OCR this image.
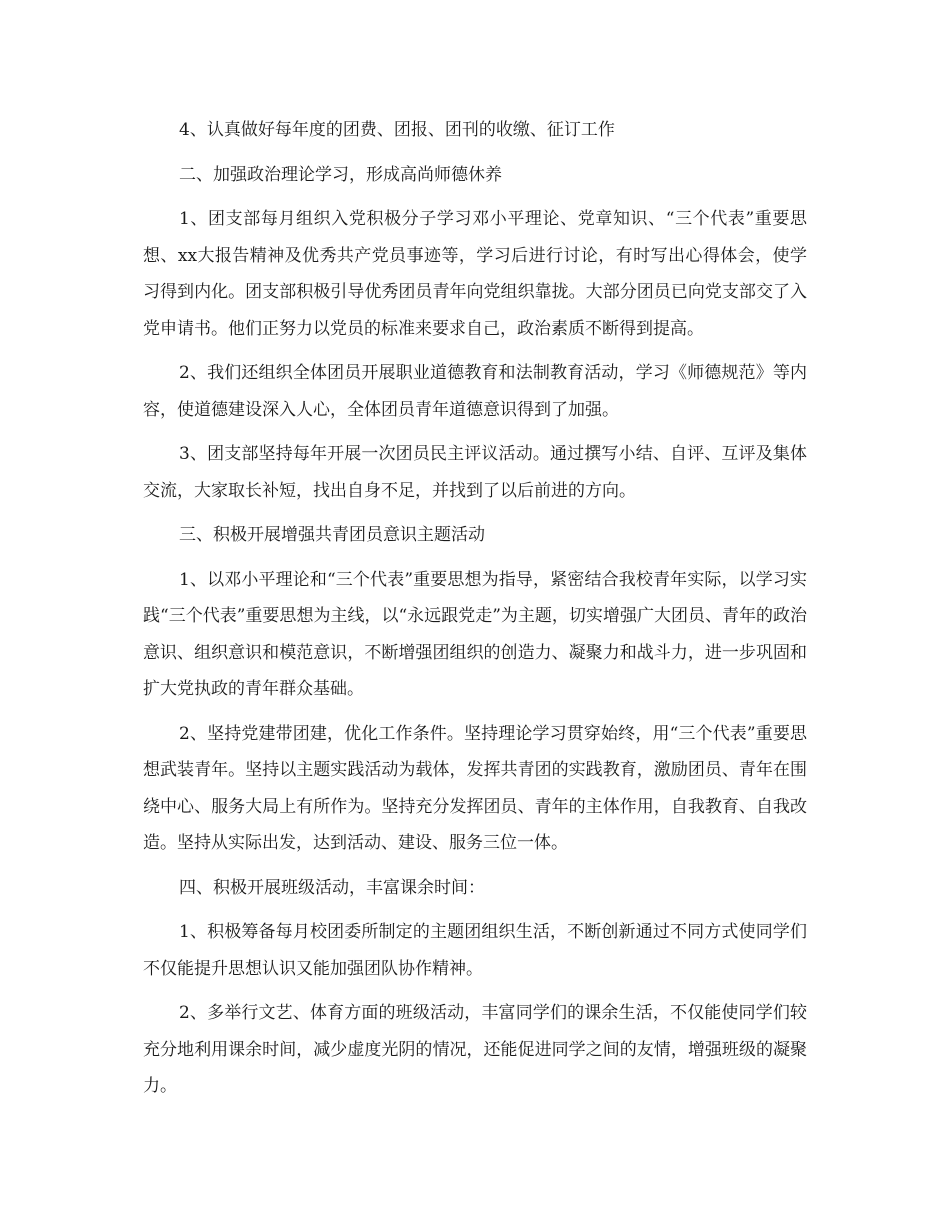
4、认真做好每年度的团费、团报、团刊的收缴、征订工作

二、加强政治理论学习，形成高尚师德休养

1、团支部每月组织入党积极分子学习邓小平理论、党章知识、“三个代表”重要思想、xx大报告精神及优秀共产党员事迹等，学习后进行讨论，有时写出心得体会，使学习得到内化。团支部积极引导优秀团员青年向党组织靠拢。大部分团员已向党支部交了入党申请书。他们正努力以党员的标准来要求自己，政治素质不断得到提高。

2、我们还组织全体团员开展职业道德教育和法制教育活动，学习《师德规范》等内容，使道德建设深入人心，全体团员青年道德意识得到了加强。

3、团支部坚持每年开展一次团员民主评议活动。通过撰写小结、自评、互评及集体交流，大家取长补短，找出自身不足，并找到了以后前进的方向。

三、积极开展增强共青团员意识主题活动

1、以邓小平理论和“三个代表”重要思想为指导，紧密结合我校青年实际，以学习实践“三个代表”重要思想为主线，以“永远跟党走”为主题，切实增强广大团员、青年的政治意识、组织意识和模范意识，不断增强团组织的创造力、凝聚力和战斗力，进一步巩固和扩大党执政的青年群众基础。

2、坚持党建带团建，优化工作条件。坚持理论学习贯穿始终，用“三个代表”重要思想武装青年。坚持以主题实践活动为载体，发挥共青团的实践教育，激励团员、青年在围绕中心、服务大局上有所作为。坚持充分发挥团员、青年的主体作用，自我教育、自我改造。坚持从实际出发，达到活动、建设、服务三位一体。

四、积极开展班级活动，丰富课余时间：

1、积极筹备每月校团委所制定的主题团组织生活，不断创新通过不同方式使同学们不仅能提升思想认识又能加强团队协作精神。

2、多举行文艺、体育方面的班级活动，丰富同学们的课余生活，不仅能使同学们较充分地利用课余时间，减少虚度光阴的情况，还能促进同学之间的友情，增强班级的凝聚力。
